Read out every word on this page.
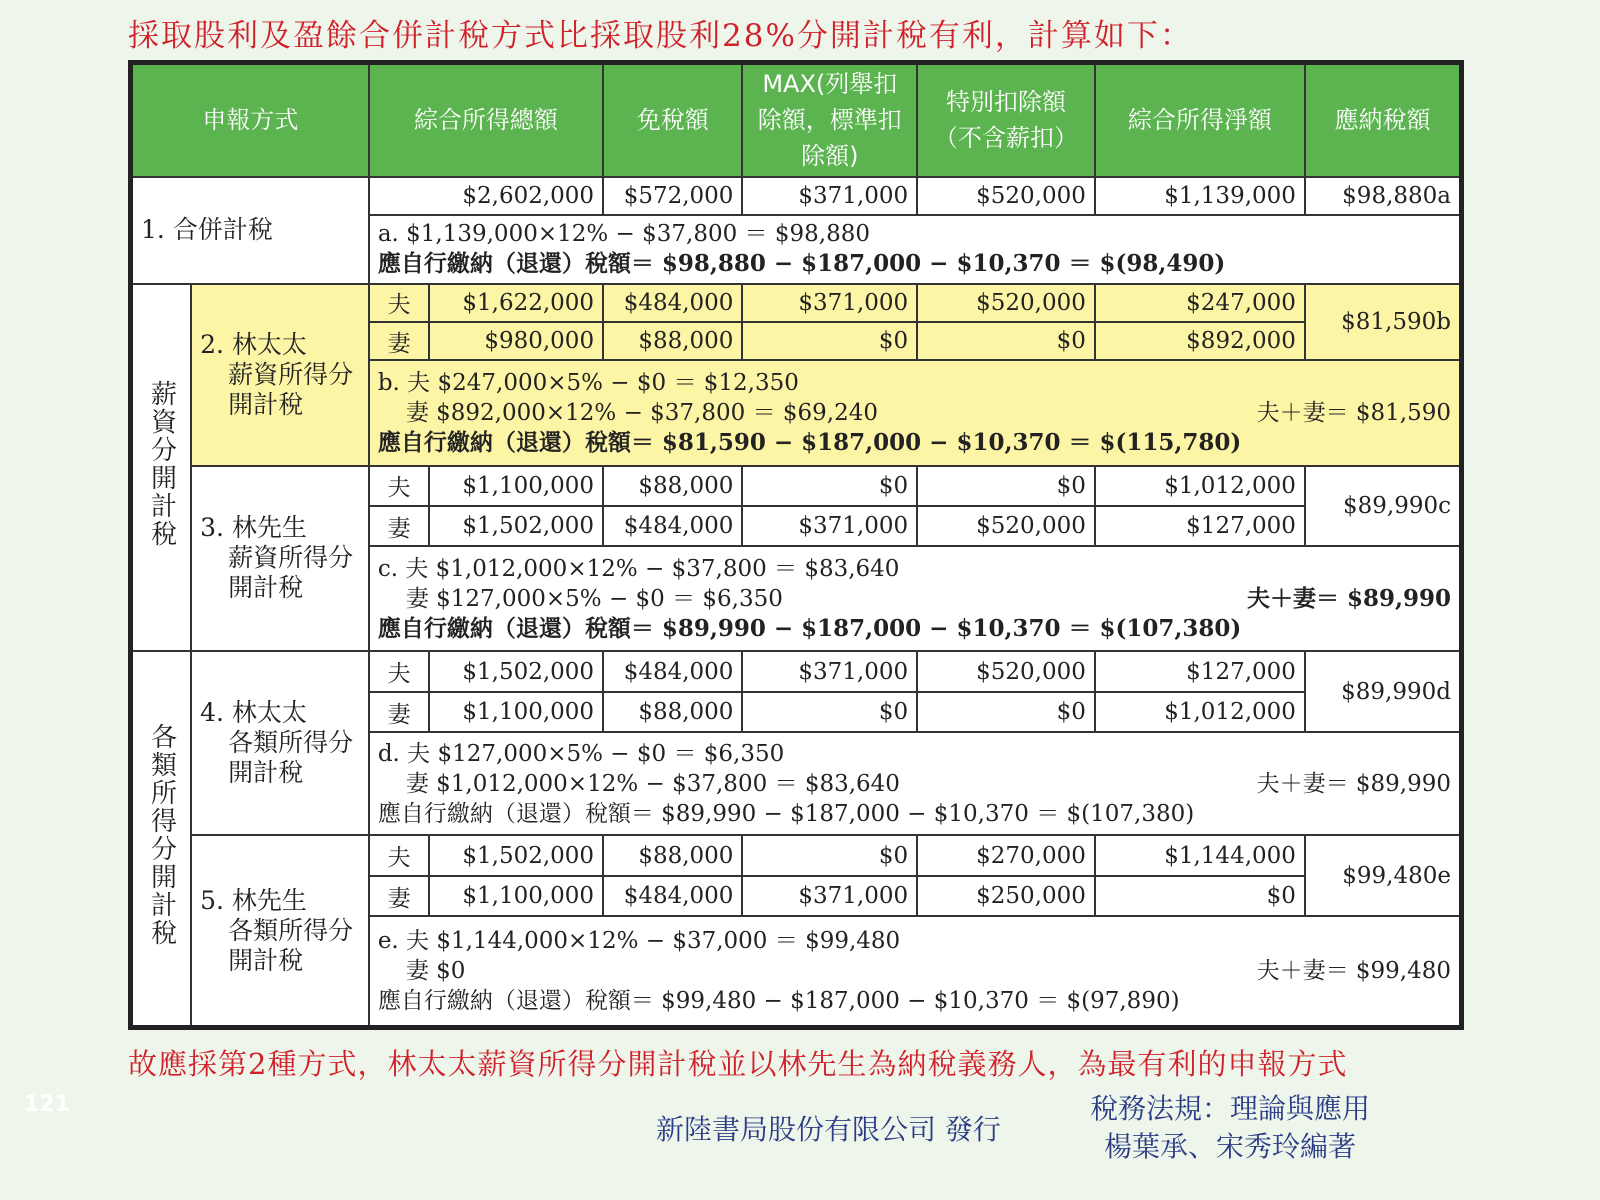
採取股利及盈餘合併計稅方式比採取股利28%分開計稅有利，計算如下：
申報方式		綜合所得總額		免稅額	MAX(列舉扣除額，標準扣除額)	特別扣除額（不含薪扣）	綜合所得淨額	應納稅額
1. 合併計稅		$2,602,000		$572,000	$371,000	$520,000	$1,139,000	$98,880a

		a. $1,139,000×12% − $37,800 ＝ $98,880
應自行繳納（退還）稅額＝ $98,880 − $187,000 − $10,370 ＝ $(98,490)						

薪資分開計稅	2. 林太太
薪資所得分
開計稅	夫	$1,622,000	$484,000	$371,000	$520,000	$247,000	$81,590b
		妻	$980,000	$88,000	$0	$0	$892,000	

		b. 夫 $247,000×5% − $0 ＝ $12,350
妻 $892,000×12% − $37,800 ＝ $69,240 夫＋妻＝ $81,590
應自行繳納（退還）稅額＝ $81,590 − $187,000 − $10,370 ＝ $(115,780)						

	3. 林先生
薪資所得分
開計稅	夫	$1,100,000	$88,000	$0	$0	$1,012,000	$89,990c
		妻	$1,502,000	$484,000	$371,000	$520,000	$127,000	

		c. 夫 $1,012,000×12% − $37,800 ＝ $83,640
妻 $127,000×5% − $0 ＝ $6,350 夫＋妻＝ $89,990
應自行繳納（退還）稅額＝ $89,990 − $187,000 − $10,370 ＝ $(107,380)						

各類所得分開計稅	4. 林太太
各類所得分
開計稅	夫	$1,502,000	$484,000	$371,000	$520,000	$127,000	$89,990d
		妻	$1,100,000	$88,000	$0	$0	$1,012,000	

		d. 夫 $127,000×5% − $0 ＝ $6,350
妻 $1,012,000×12% − $37,800 ＝ $83,640 夫＋妻＝ $89,990
應自行繳納（退還）稅額＝ $89,990 − $187,000 − $10,370 ＝ $(107,380)						

	5. 林先生
各類所得分
開計稅	夫	$1,502,000	$88,000	$0	$270,000	$1,144,000	$99,480e
		妻	$1,100,000	$484,000	$371,000	$250,000	$0	

		e. 夫 $1,144,000×12% − $37,000 ＝ $99,480
妻 $0 夫＋妻＝ $99,480
應自行繳納（退還）稅額＝ $99,480 − $187,000 − $10,370 ＝ $(97,890)						
故應採第2種方式，林太太薪資所得分開計稅並以林先生為納稅義務人，為最有利的申報方式
121
新陸書局股份有限公司 發行
稅務法規：理論與應用
楊葉承、宋秀玲編著
